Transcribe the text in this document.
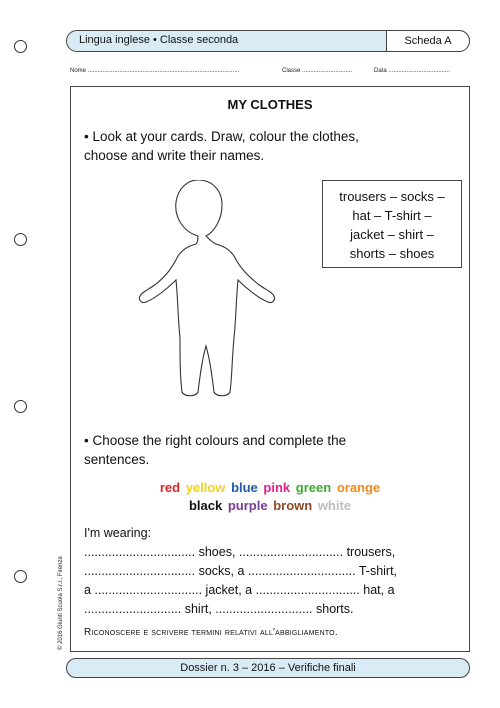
Lingua inglese • Classe seconda	Scheda A
Nome ...........................................................................................	Classe ..............................	Data .....................................
© 2016 Giunti Scuola S.r.l., Firenze
MY CLOTHES
• Look at your cards. Draw, colour the clothes,
choose and write their names.
trousers – socks –
hat – T-shirt –
jacket – shirt –
shorts – shoes
• Choose the right colours and complete the
sentences.
red yellow blue pink green orange
black purple brown white
I'm wearing:
................................ shoes, .............................. trousers,
................................ socks, a ............................... T-shirt,
a ............................... jacket, a .............................. hat, a
............................ shirt, ............................ shorts.
Riconoscere e scrivere termini relativi all'abbigliamento.
Dossier n. 3 – 2016 – Verifiche finali
